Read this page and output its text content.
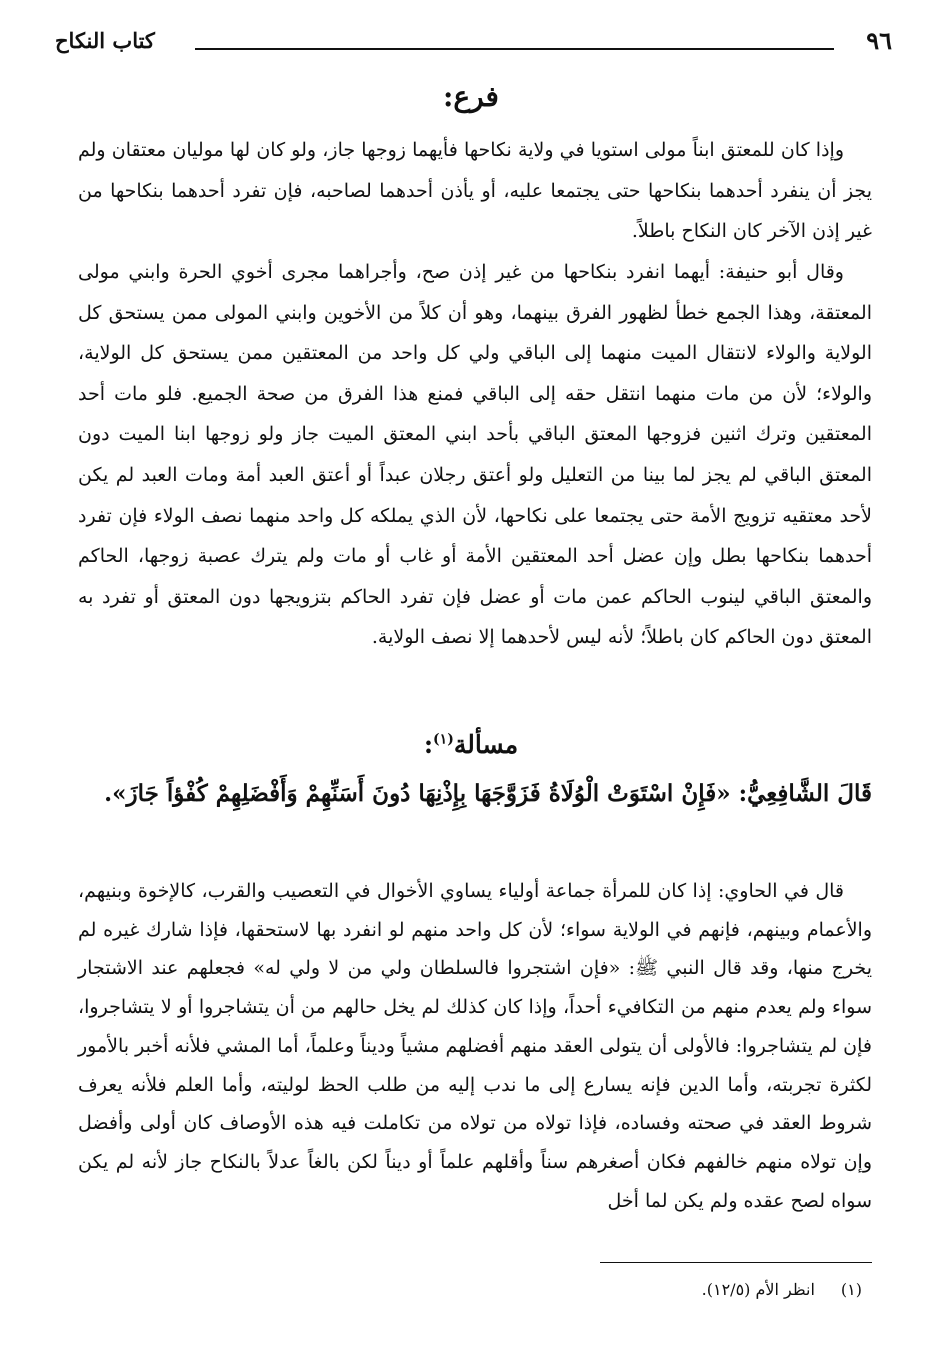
٩٦
كتاب النكاح
فرع:

وإذا كان للمعتق ابناً مولى استويا في ولاية نكاحها فأيهما زوجها جاز، ولو كان لها موليان معتقان ولم يجز أن ينفرد أحدهما بنكاحها حتى يجتمعا عليه، أو يأذن أحدهما لصاحبه، فإن تفرد أحدهما بنكاحها من غير إذن الآخر كان النكاح باطلاً.

وقال أبو حنيفة: أيهما انفرد بنكاحها من غير إذن صح، وأجراهما مجرى أخوي الحرة وابني مولى المعتقة، وهذا الجمع خطأ لظهور الفرق بينهما، وهو أن كلاً من الأخوين وابني المولى ممن يستحق كل الولاية والولاء لانتقال الميت منهما إلى الباقي ولي كل واحد من المعتقين ممن يستحق كل الولاية، والولاء؛ لأن من مات منهما انتقل حقه إلى الباقي فمنع هذا الفرق من صحة الجميع. فلو مات أحد المعتقين وترك اثنين فزوجها المعتق الباقي بأحد ابني المعتق الميت جاز ولو زوجها ابنا الميت دون المعتق الباقي لم يجز لما بينا من التعليل ولو أعتق رجلان عبداً أو أعتق العبد أمة ومات العبد لم يكن لأحد معتقيه تزويج الأمة حتى يجتمعا على نكاحها، لأن الذي يملكه كل واحد منهما نصف الولاء فإن تفرد أحدهما بنكاحها بطل وإن عضل أحد المعتقين الأمة أو غاب أو مات ولم يترك عصبة زوجها، الحاكم والمعتق الباقي لينوب الحاكم عمن مات أو عضل فإن تفرد الحاكم بتزويجها دون المعتق أو تفرد به المعتق دون الحاكم كان باطلاً؛ لأنه ليس لأحدهما إلا نصف الولاية.

مسألة$^{(١)}$:

قَالَ الشَّافِعِيُّ: «فَإِنْ اسْتَوَتْ الْوُلَاةُ فَزَوَّجَهَا بِإِذْنِهَا دُونَ أَسَنِّهِمْ وَأَفْضَلِهِمْ كُفْؤاً جَازَ».

قال في الحاوي: إذا كان للمرأة جماعة أولياء يساوي الأخوال في التعصيب والقرب، كالإخوة وبنيهم، والأعمام وبينهم، فإنهم في الولاية سواء؛ لأن كل واحد منهم لو انفرد بها لاستحقها، فإذا شارك غيره لم يخرج منها، وقد قال النبي ﷺ: «فإن اشتجروا فالسلطان ولي من لا ولي له» فجعلهم عند الاشتجار سواء ولم يعدم منهم من التكافيء أحداً، وإذا كان كذلك لم يخل حالهم من أن يتشاجروا أو لا يتشاجروا، فإن لم يتشاجروا: فالأولى أن يتولى العقد منهم أفضلهم مشياً وديناً وعلماً، أما المشي فلأنه أخبر بالأمور لكثرة تجربته، وأما الدين فإنه يسارع إلى ما ندب إليه من طلب الحظ لوليته، وأما العلم فلأنه يعرف شروط العقد في صحته وفساده، فإذا تولاه من تولاه من تكاملت فيه هذه الأوصاف كان أولى وأفضل وإن تولاه منهم خالفهم فكان أصغرهم سناً وأقلهم علماً أو ديناً لكن بالغاً عدلاً بالنكاح جاز لأنه لم يكن سواه لصح عقده ولم يكن لما أخل

(١)انظر الأم (١٢/٥).
